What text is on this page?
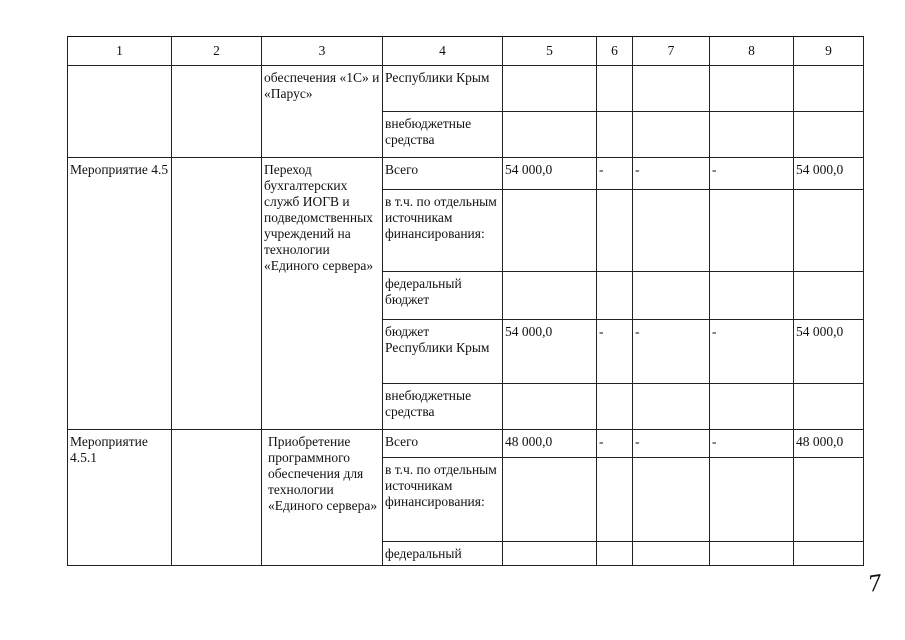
1	2	3	4	5	6	7	8	9
		обеспечения «1С» и «Парус»	Республики Крым					
			внебюджетные средства					
Мероприятие 4.5		Переход бухгалтерских служб ИОГВ и подведомственных учреждений на технологии «Единого сервера»	Всего	54 000,0	-	-	-	54 000,0
			в т.ч. по отдельным источникам финансирования:					
			федеральный бюджет					
			бюджет Республики Крым	54 000,0	-	-	-	54 000,0
			внебюджетные средства					
Мероприятие 4.5.1		Приобретение программного обеспечения для технологии «Единого сервера»	Всего	48 000,0	-	-	-	48 000,0
			в т.ч. по отдельным источникам финансирования:					
			федеральный					
7
